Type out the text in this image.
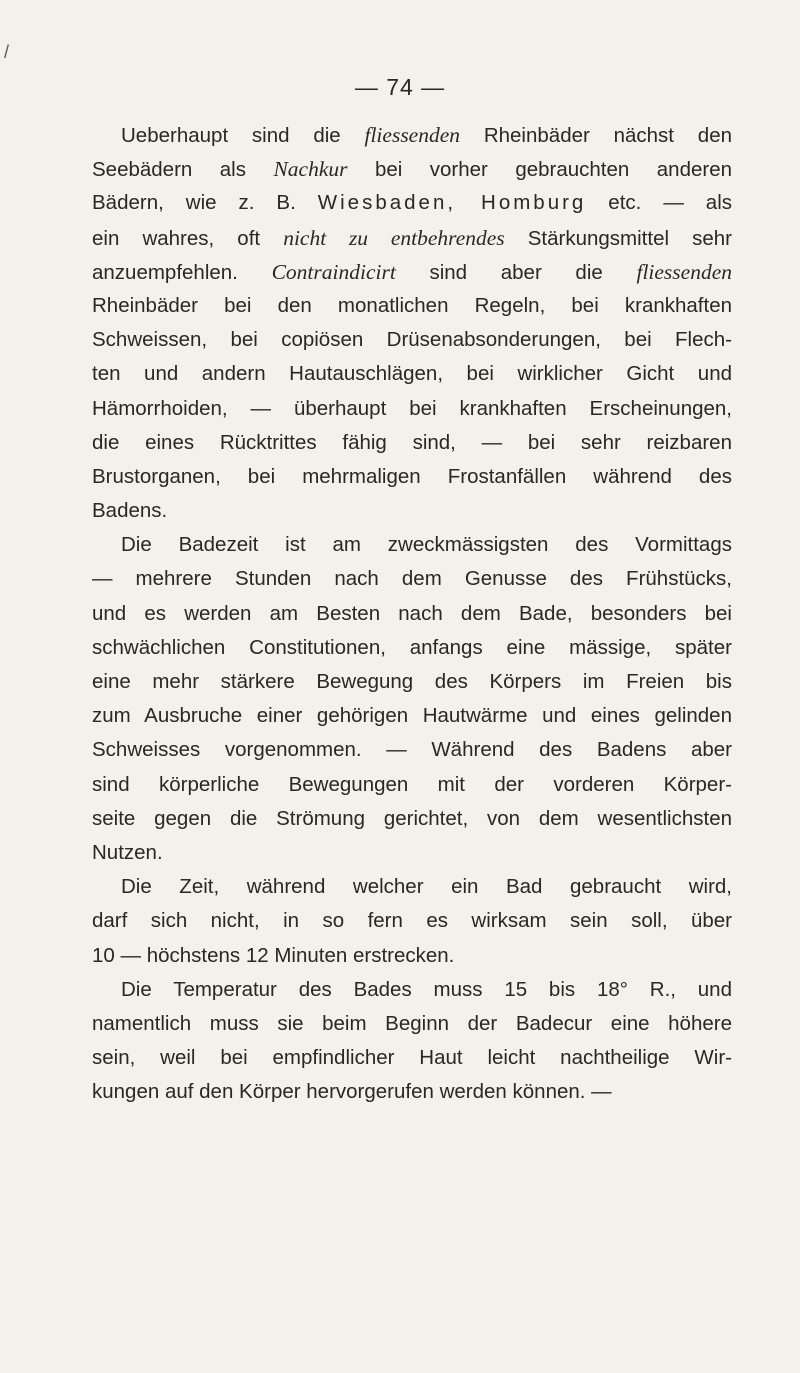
/
— 74 —
Ueberhaupt sind die fliessenden Rheinbäder nächst den
Seebädern als Nachkur bei vorher gebrauchten anderen
Bädern, wie z. B. Wiesbaden, Homburg etc. — als
ein wahres, oft nicht zu entbehrendes Stärkungsmittel sehr
anzuempfehlen. Contraindicirt sind aber die fliessenden
Rheinbäder bei den monatlichen Regeln, bei krankhaften
Schweissen, bei copiösen Drüsenabsonderungen, bei Flech-
ten und andern Hautauschlägen, bei wirklicher Gicht und
Hämorrhoiden, — überhaupt bei krankhaften Erscheinungen,
die eines Rücktrittes fähig sind, — bei sehr reizbaren
Brustorganen, bei mehrmaligen Frostanfällen während des
Badens.
Die Badezeit ist am zweckmässigsten des Vormittags
— mehrere Stunden nach dem Genusse des Frühstücks,
und es werden am Besten nach dem Bade, besonders bei
schwächlichen Constitutionen, anfangs eine mässige, später
eine mehr stärkere Bewegung des Körpers im Freien bis
zum Ausbruche einer gehörigen Hautwärme und eines gelinden
Schweisses vorgenommen. — Während des Badens aber
sind körperliche Bewegungen mit der vorderen Körper-
seite gegen die Strömung gerichtet, von dem wesentlichsten
Nutzen.
Die Zeit, während welcher ein Bad gebraucht wird,
darf sich nicht, in so fern es wirksam sein soll, über
10 — höchstens 12 Minuten erstrecken.
Die Temperatur des Bades muss 15 bis 18° R., und
namentlich muss sie beim Beginn der Badecur eine höhere
sein, weil bei empfindlicher Haut leicht nachtheilige Wir-
kungen auf den Körper hervorgerufen werden können. —
